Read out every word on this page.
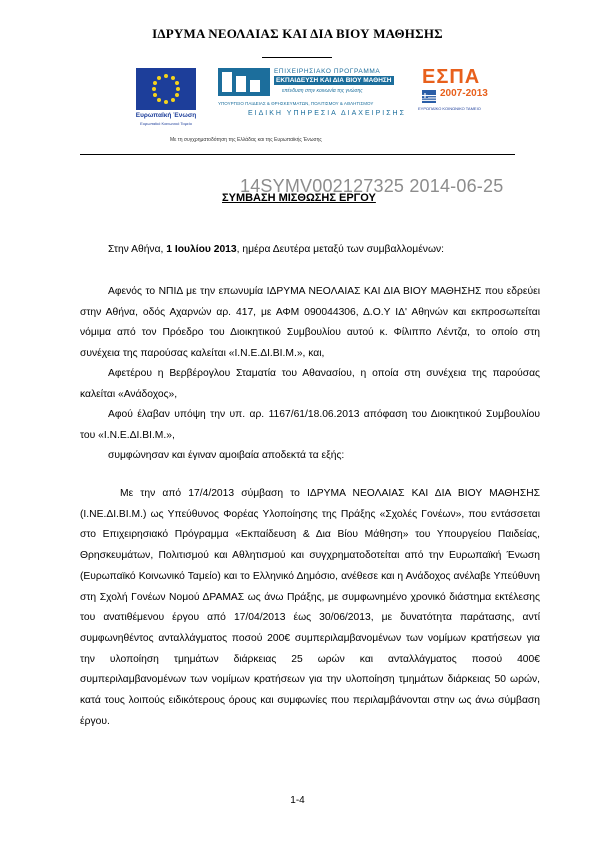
ΙΔΡΥΜΑ ΝΕΟΛΑΙΑΣ ΚΑΙ ΔΙΑ ΒΙΟΥ ΜΑΘΗΣΗΣ
Ευρωπαϊκή Ένωση
Ευρωπαϊκό Κοινωνικό Ταμείο
ΕΠΙΧΕΙΡΗΣΙΑΚΟ ΠΡΟΓΡΑΜΜΑ
ΕΚΠΑΙΔΕΥΣΗ ΚΑΙ ΔΙΑ ΒΙΟΥ ΜΑΘΗΣΗ
επένδυση στην κοινωνία της γνώσης
ΥΠΟΥΡΓΕΙΟ ΠΑΙΔΕΙΑΣ & ΘΡΗΣΚΕΥΜΑΤΩΝ, ΠΟΛΙΤΙΣΜΟΥ & ΑΘΛΗΤΙΣΜΟΥ
ΕΙΔΙΚΗ ΥΠΗΡΕΣΙΑ ΔΙΑΧΕΙΡΙΣΗΣ
ΕΣΠΑ
2007-2013
ΕΥΡΩΠΑΪΚΟ ΚΟΙΝΩΝΙΚΟ ΤΑΜΕΙΟ
Με τη συγχρηματοδότηση της Ελλάδας και της Ευρωπαϊκής Ένωσης
14SYMV002127325 2014-06-25
ΣΥΜΒΑΣΗ ΜΙΣΘΩΣΗΣ ΕΡΓΟΥ
Στην Αθήνα, 1 Ιουλίου 2013, ημέρα Δευτέρα μεταξύ των συμβαλλομένων:
Αφενός το ΝΠΙΔ με την επωνυμία ΙΔΡΥΜΑ ΝΕΟΛΑΙΑΣ ΚΑΙ ΔΙΑ ΒΙΟΥ ΜΑΘΗΣΗΣ που εδρεύει στην Αθήνα, οδός Αχαρνών αρ. 417, με ΑΦΜ 090044306, Δ.Ο.Υ ΙΔ' Αθηνών και εκπροσωπείται νόμιμα από τον Πρόεδρο του Διοικητικού Συμβουλίου αυτού κ. Φίλιππο Λέντζα, το οποίο στη συνέχεια της παρούσας καλείται «Ι.Ν.Ε.ΔΙ.ΒΙ.Μ.», και,
Αφετέρου η Βερβέρογλου Σταματία του Αθανασίου, η οποία στη συνέχεια της παρούσας καλείται «Ανάδοχος»,
Αφού έλαβαν υπόψη την υπ. αρ. 1167/61/18.06.2013 απόφαση του Διοικητικού Συμβουλίου του «Ι.Ν.Ε.ΔΙ.ΒΙ.Μ.»,
συμφώνησαν και έγιναν αμοιβαία αποδεκτά τα εξής:
Με την από 17/4/2013 σύμβαση το ΙΔΡΥΜΑ ΝΕΟΛΑΙΑΣ ΚΑΙ ΔΙΑ ΒΙΟΥ ΜΑΘΗΣΗΣ (Ι.ΝΕ.ΔΙ.ΒΙ.Μ.) ως Υπεύθυνος Φορέας Υλοποίησης της Πράξης «Σχολές Γονέων», που εντάσσεται στο Επιχειρησιακό Πρόγραμμα «Εκπαίδευση & Δια Βίου Μάθηση» του Υπουργείου Παιδείας, Θρησκευμάτων, Πολιτισμού και Αθλητισμού και συγχρηματοδοτείται από την Ευρωπαϊκή Ένωση (Ευρωπαϊκό Κοινωνικό Ταμείο) και το Ελληνικό Δημόσιο, ανέθεσε και η Ανάδοχος ανέλαβε Υπεύθυνη στη Σχολή Γονέων Νομού ΔΡΑΜΑΣ ως άνω Πράξης, με συμφωνημένο χρονικό διάστημα εκτέλεσης του ανατιθέμενου έργου από 17/04/2013 έως 30/06/2013, με δυνατότητα παράτασης, αντί συμφωνηθέντος ανταλλάγματος ποσού 200€ συμπεριλαμβανομένων των νομίμων κρατήσεων για την υλοποίηση τμημάτων διάρκειας 25 ωρών και ανταλλάγματος ποσού 400€ συμπεριλαμβανομένων των νομίμων κρατήσεων για την υλοποίηση τμημάτων διάρκειας 50 ωρών, κατά τους λοιπούς ειδικότερους όρους και συμφωνίες που περιλαμβάνονται στην ως άνω σύμβαση έργου.
1-4
